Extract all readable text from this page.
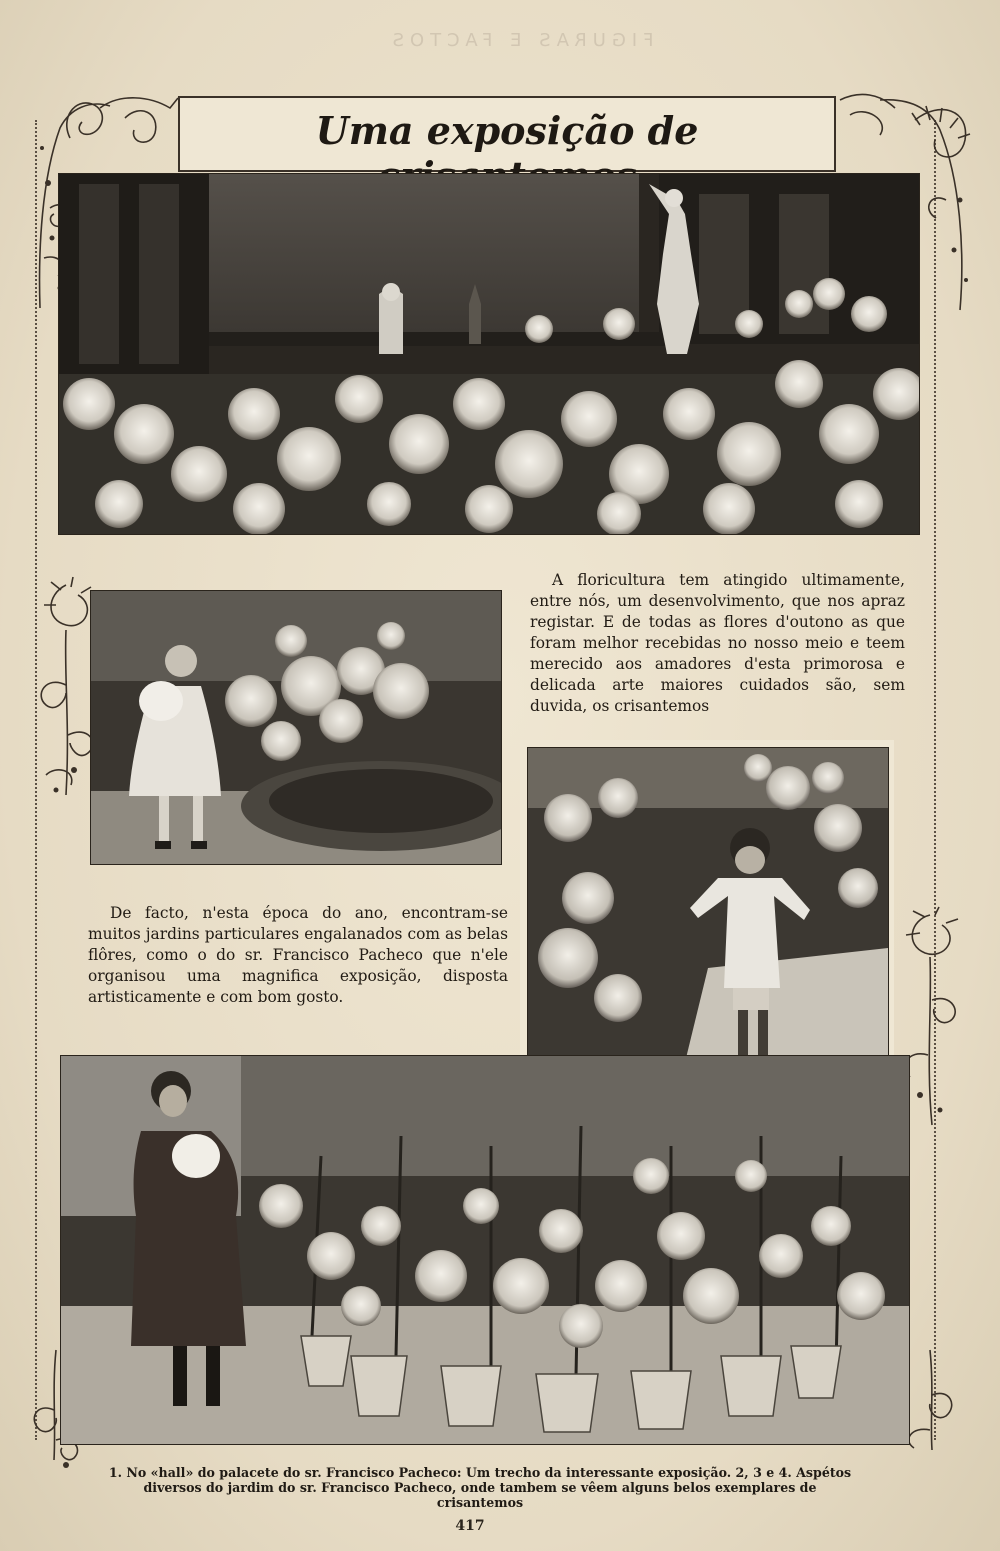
FIGURAS E FACTOS
Uma exposição de
A floricultura tem atingido ultimamente, entre nós, um desenvolvimento, que nos apraz registar. E de todas as flores d'outono as que foram melhor recebidas no nosso meio e teem merecido aos amadores d'esta primorosa e delicada arte maiores cuidados são, sem duvida, os crisantemos
De facto, n'esta época do ano, encontram-se muitos jardins particulares engalanados com as belas flôres, como o do sr. Francisco Pacheco que n'ele organisou uma magnifica exposição, disposta artisticamente e com bom gosto.
1. No «hall» do palacete do sr. Francisco Pacheco: Um trecho da interessante exposição. 2, 3 e 4. Aspétos diversos do jardim do sr. Francisco Pacheco, onde tambem se vêem alguns belos exemplares de crisantemos
417
